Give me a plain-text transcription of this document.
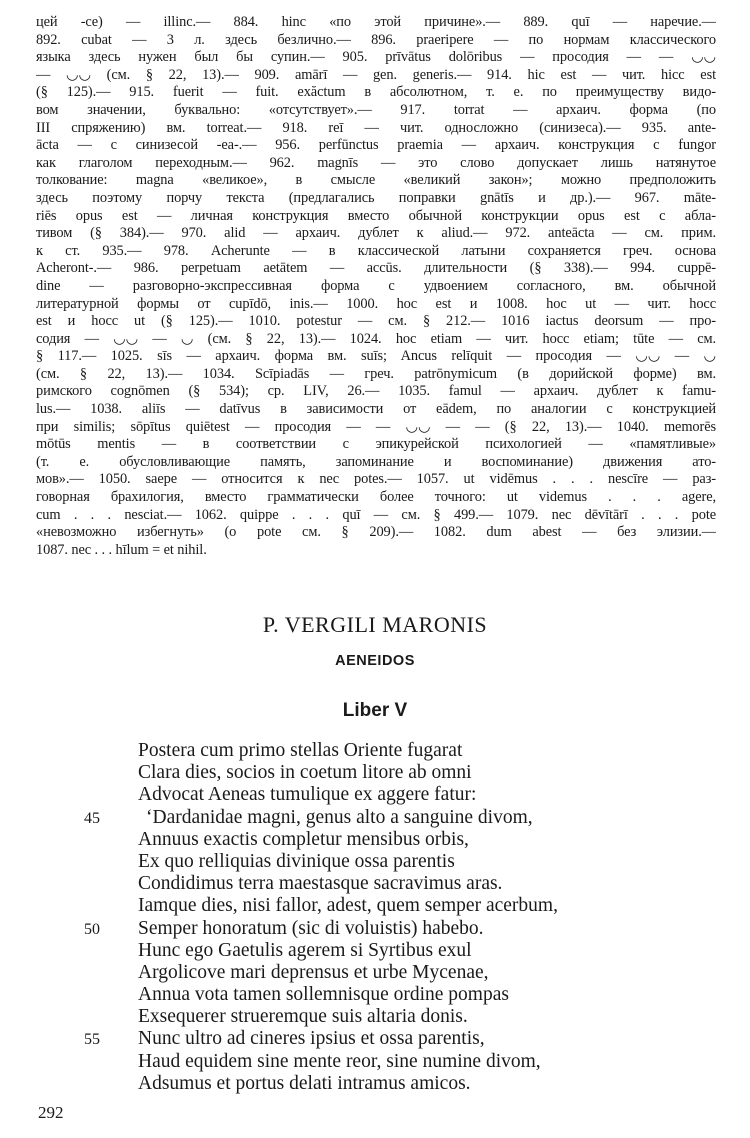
цей -ce) — illinc.— 884. hinc «по этой причине».— 889. quī — наречие.—
892. cubat — 3 л. здесь безлично.— 896. praeripere — по нормам классического
языка здесь нужен был бы супин.— 905. prīvātus dolōribus — просодия — — ◡◡
— ◡◡ (см. § 22, 13).— 909. amārī — gen. generis.— 914. hic est — чит. hicc est
(§ 125).— 915. fuerit — fuit. exăctum в абсолютном, т. е. по преимуществу видо-
вом значении, буквально: «отсутствует».— 917. torrat — архаич. форма (по
III спряжению) вм. torreat.— 918. reī — чит. односложно (синизеса).— 935. ante-
ācta — с синизесой -ea-.— 956. perfūnctus praemia — архаич. конструкция с fungor
как глаголом переходным.— 962. magnīs — это слово допускает лишь натянутое
толкование: magna «великое», в смысле «великий закон»; можно предположить
здесь поэтому порчу текста (предлагались поправки gnātīs и др.).— 967. māte-
riēs opus est — личная конструкция вместо обычной конструкции opus est с абла-
тивом (§ 384).— 970. alid — архаич. дублет к aliud.— 972. anteācta — см. прим.
к ст. 935.— 978. Acherunte — в классической латыни сохраняется греч. основа
Acheront-.— 986. perpetuam aetātem — accūs. длительности (§ 338).— 994. cuppē-
dine — разговорно-экспрессивная форма с удвоением согласного, вм. обычной
литературной формы от cupīdō, inis.— 1000. hoc est и 1008. hoc ut — чит. hocc
est и hocc ut (§ 125).— 1010. potestur — см. § 212.— 1016 iactus deorsum — прo-
содия — ◡◡ — ◡ (см. § 22, 13).— 1024. hoc etiam — чит. hocc etiam; tūte — см.
§ 117.— 1025. sīs — архаич. форма вм. suīs; Ancus relīquit — просодия — ◡◡ — ◡
(см. § 22, 13).— 1034. Scīpiadās — греч. patrōnymicum (в дорийской форме) вм.
римского cognōmen (§ 534); ср. LIV, 26.— 1035. famul — архаич. дублет к famu-
lus.— 1038. aliīs — datīvus в зависимости от eādem, по аналогии с конструкцией
при similis; sōpītus quiētest — просодия — — ◡◡ — — (§ 22, 13).— 1040. memorēs
mōtūs mentis — в соответствии с эпикурейской психологией — «памятливые»
(т. е. обусловливающие память, запоминание и воспоминание) движения ато-
мов».— 1050. saepe — относится к nec potes.— 1057. ut vidēmus . . . nescīre — раз-
говорная брахилогия, вместо грамматически более точного: ut videmus . . . agere,
cum . . . nesciat.— 1062. quippe . . . quī — см. § 499.— 1079. nec dēvītārī . . . pote
«невозможно избегнуть» (о pote см. § 209).— 1082. dum abest — без элизии.—
1087. nec . . . hīlum = et nihil.
P. VERGILI MARONIS
AENEIDOS
Liber V
Postera cum primo stellas Oriente fugarat
Clara dies, socios in coetum litore ab omni
Advocat Aeneas tumulique ex aggere fatur:
45	‘Dardanidae magni, genus alto a sanguine divom,
Annuus exactis completur mensibus orbis,
Ex quo relliquias divinique ossa parentis
Condidimus terra maestasque sacravimus aras.
Iamque dies, nisi fallor, adest, quem semper acerbum,
50	Semper honoratum (sic di voluistis) habebo.
Hunc ego Gaetulis agerem si Syrtibus exul
Argolicove mari deprensus et urbe Mycenae,
Annua vota tamen sollemnisque ordine pompas
Exsequerer strueremque suis altaria donis.
55	Nunc ultro ad cineres ipsius et ossa parentis,
Haud equidem sine mente reor, sine numine divom,
Adsumus et portus delati intramus amicos.
292
